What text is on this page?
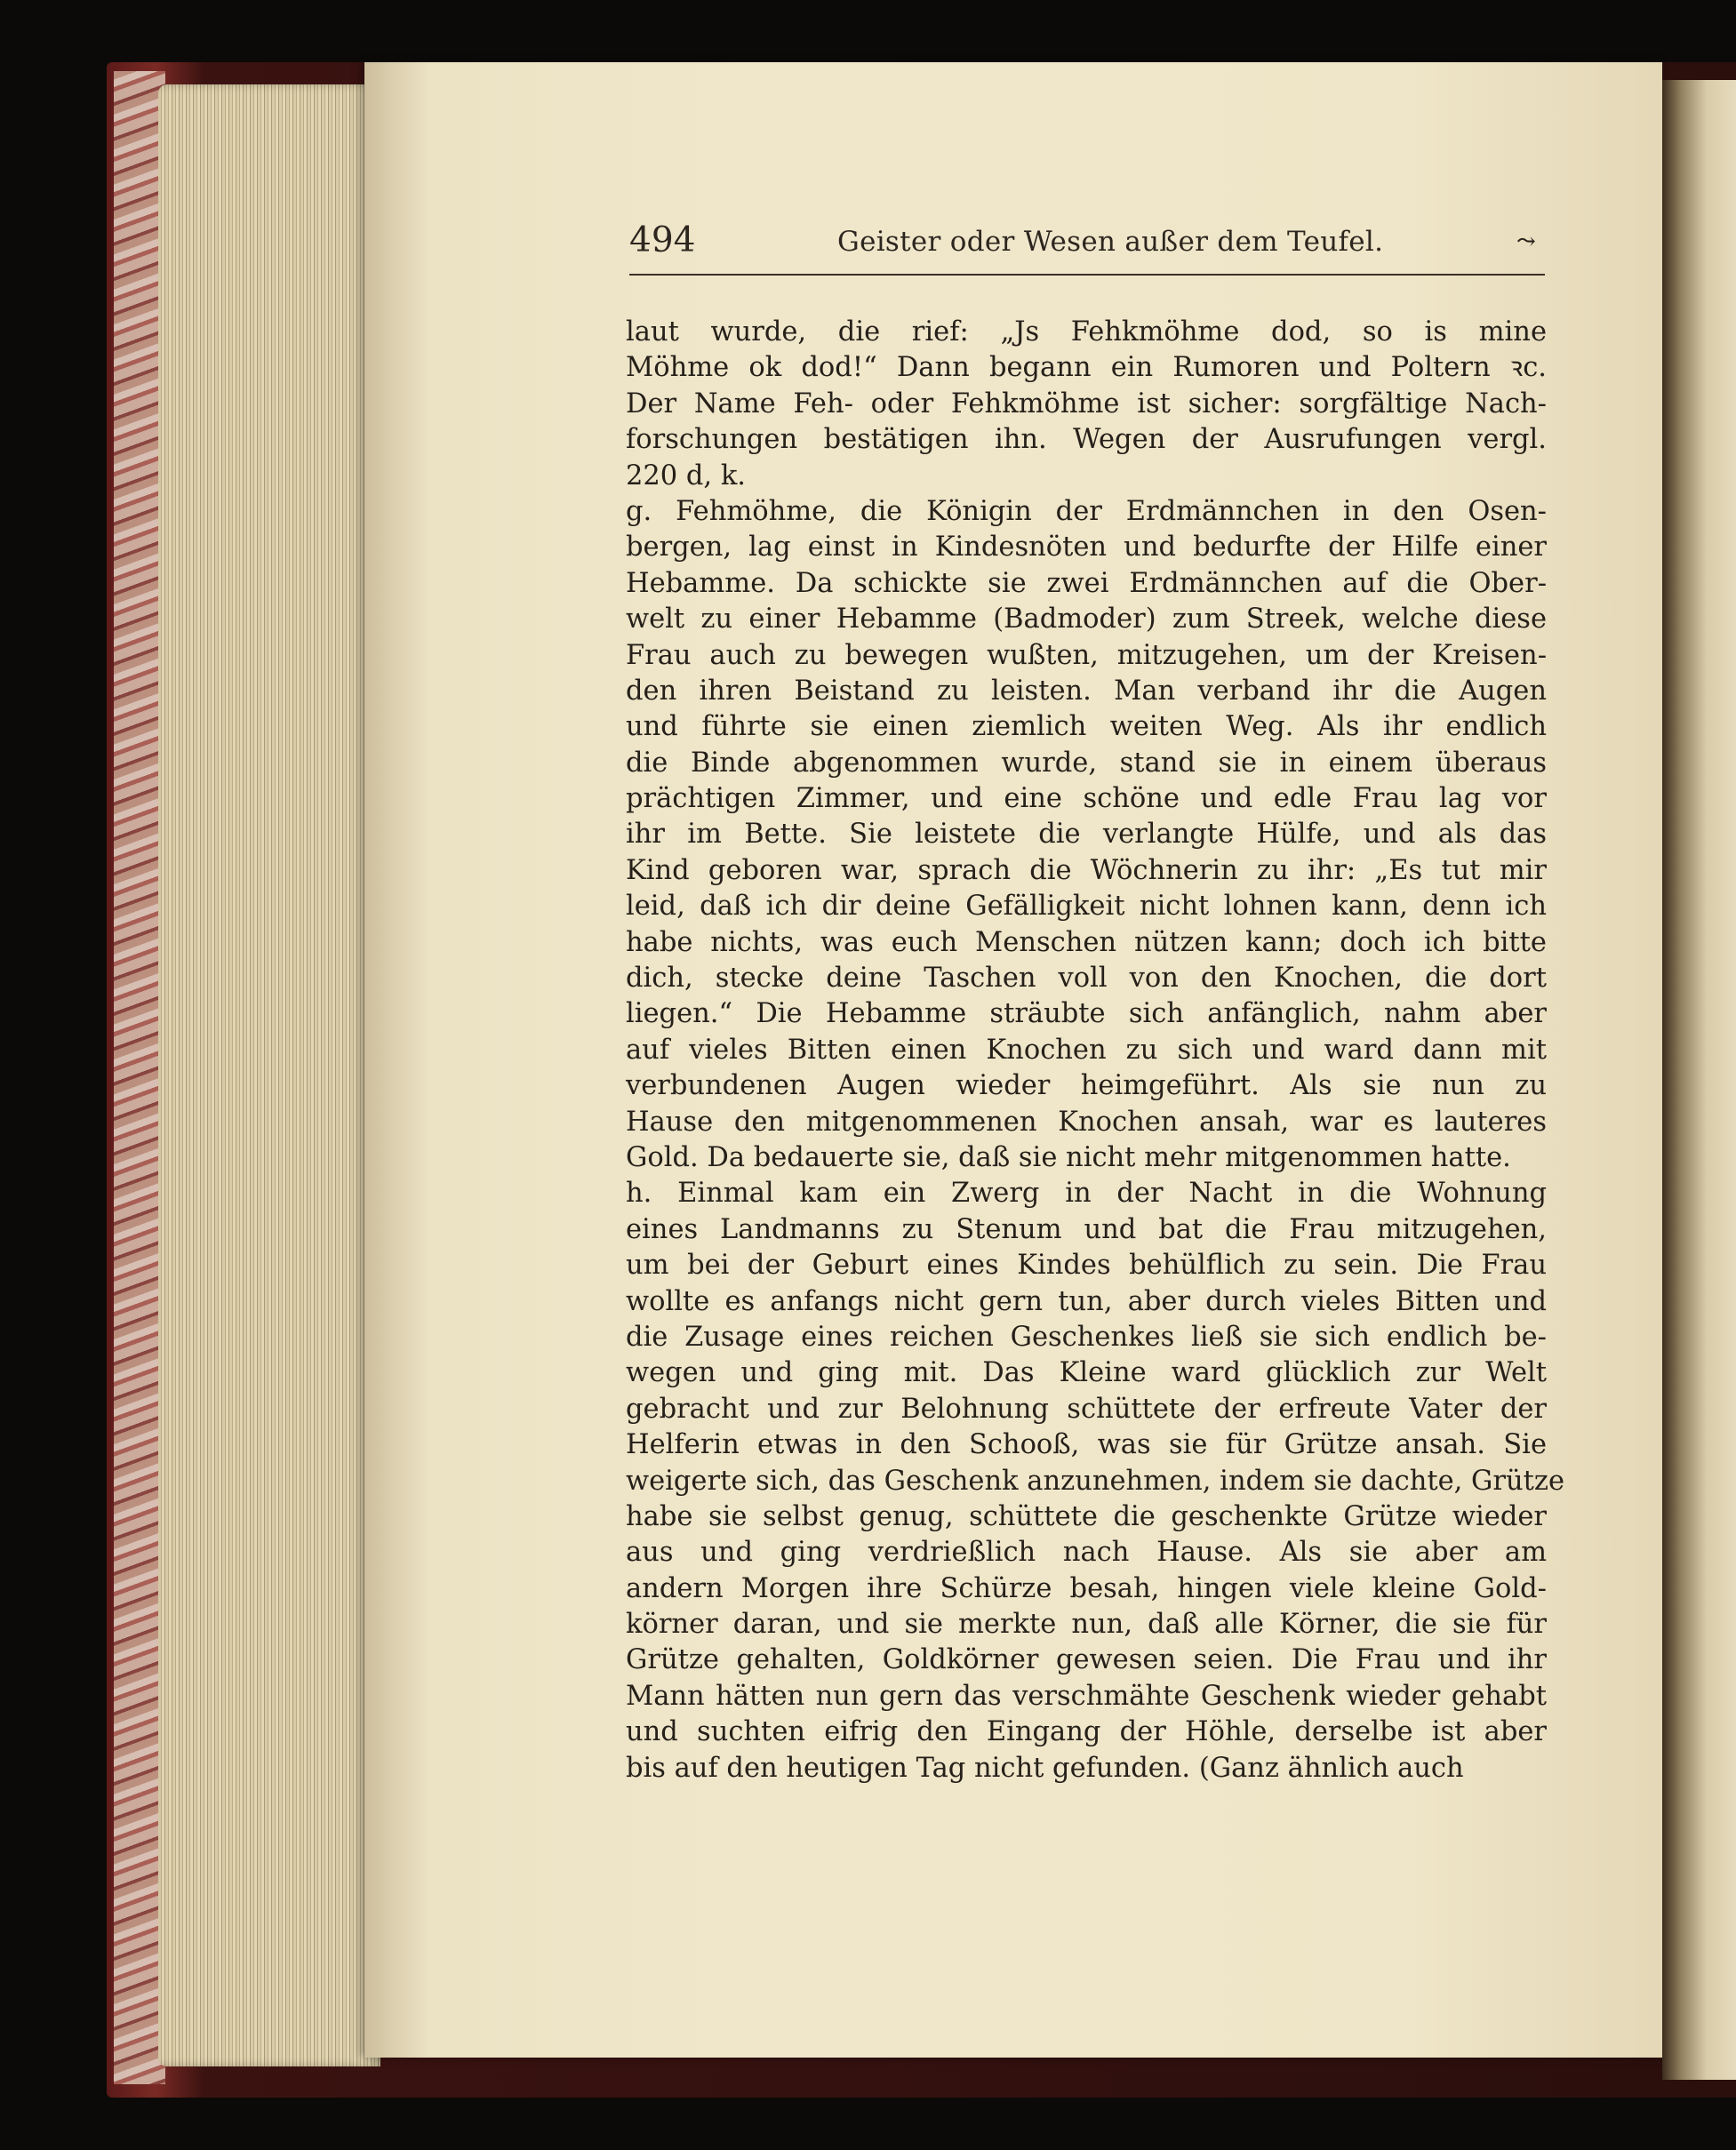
494	Geister oder Wesen außer dem Teufel.	⤳
laut wurde, die rief: „Js Fehkmöhme dod, so is mine
Möhme ok dod!“ Dann begann ein Rumoren und Poltern ꝛc.
Der Name Feh- oder Fehkmöhme ist sicher: sorgfältige Nach-
forschungen bestätigen ihn. Wegen der Ausrufungen vergl.
220 d, k.
g. Fehmöhme, die Königin der Erdmännchen in den Osen-
bergen, lag einst in Kindesnöten und bedurfte der Hilfe einer
Hebamme. Da schickte sie zwei Erdmännchen auf die Ober-
welt zu einer Hebamme (Badmoder) zum Streek, welche diese
Frau auch zu bewegen wußten, mitzugehen, um der Kreisen-
den ihren Beistand zu leisten. Man verband ihr die Augen
und führte sie einen ziemlich weiten Weg. Als ihr endlich
die Binde abgenommen wurde, stand sie in einem überaus
prächtigen Zimmer, und eine schöne und edle Frau lag vor
ihr im Bette. Sie leistete die verlangte Hülfe, und als das
Kind geboren war, sprach die Wöchnerin zu ihr: „Es tut mir
leid, daß ich dir deine Gefälligkeit nicht lohnen kann, denn ich
habe nichts, was euch Menschen nützen kann; doch ich bitte
dich, stecke deine Taschen voll von den Knochen, die dort
liegen.“ Die Hebamme sträubte sich anfänglich, nahm aber
auf vieles Bitten einen Knochen zu sich und ward dann mit
verbundenen Augen wieder heimgeführt. Als sie nun zu
Hause den mitgenommenen Knochen ansah, war es lauteres
Gold. Da bedauerte sie, daß sie nicht mehr mitgenommen hatte.
h. Einmal kam ein Zwerg in der Nacht in die Wohnung
eines Landmanns zu Stenum und bat die Frau mitzugehen,
um bei der Geburt eines Kindes behülflich zu sein. Die Frau
wollte es anfangs nicht gern tun, aber durch vieles Bitten und
die Zusage eines reichen Geschenkes ließ sie sich endlich be-
wegen und ging mit. Das Kleine ward glücklich zur Welt
gebracht und zur Belohnung schüttete der erfreute Vater der
Helferin etwas in den Schooß, was sie für Grütze ansah. Sie
weigerte sich, das Geschenk anzunehmen, indem sie dachte, Grütze
habe sie selbst genug, schüttete die geschenkte Grütze wieder
aus und ging verdrießlich nach Hause. Als sie aber am
andern Morgen ihre Schürze besah, hingen viele kleine Gold-
körner daran, und sie merkte nun, daß alle Körner, die sie für
Grütze gehalten, Goldkörner gewesen seien. Die Frau und ihr
Mann hätten nun gern das verschmähte Geschenk wieder gehabt
und suchten eifrig den Eingang der Höhle, derselbe ist aber
bis auf den heutigen Tag nicht gefunden. (Ganz ähnlich auch
